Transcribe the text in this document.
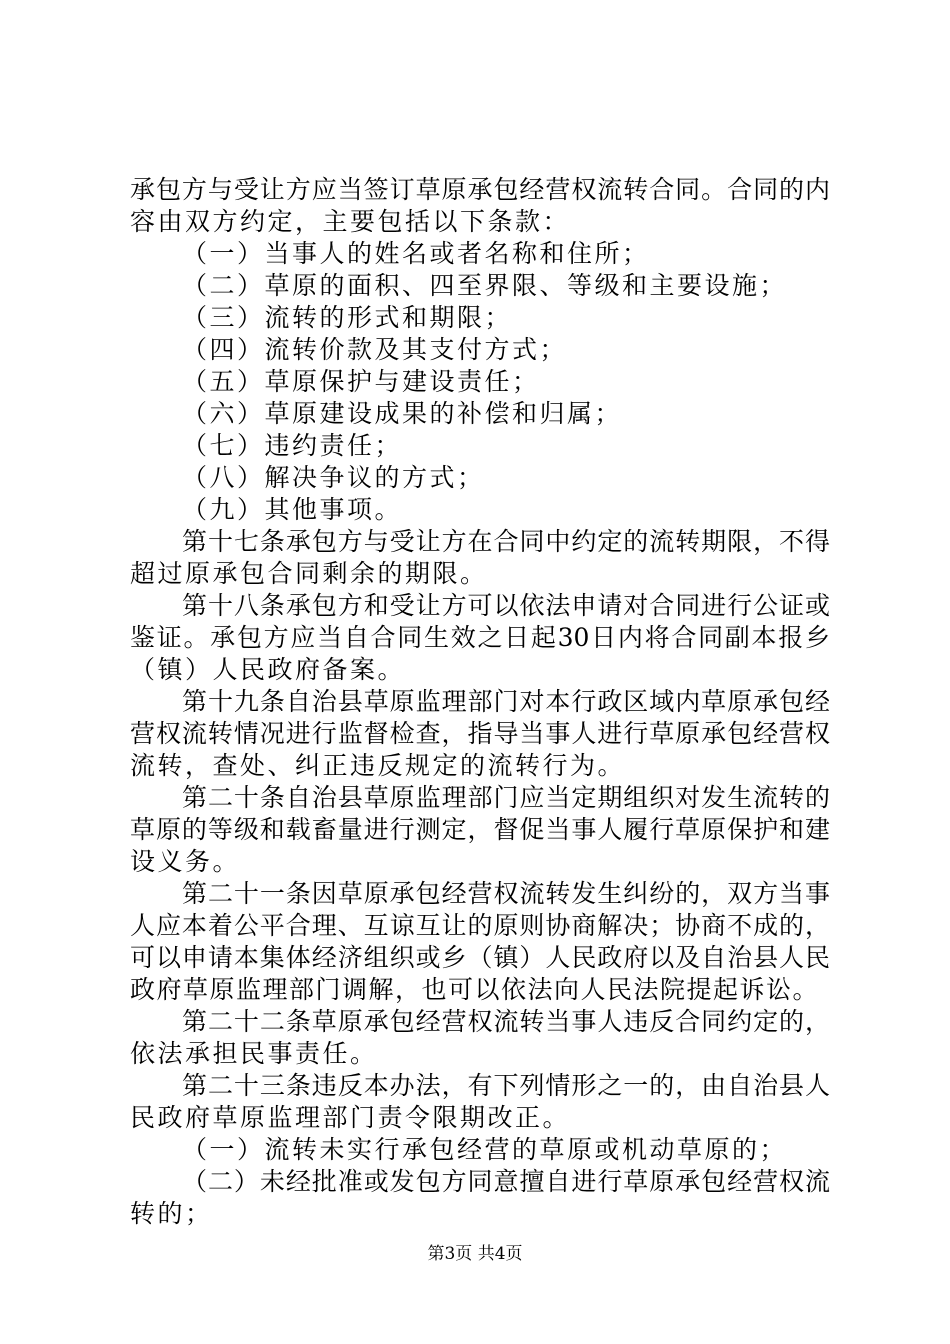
承包方与受让方应当签订草原承包经营权流转合同。合同的内
容由双方约定，主要包括以下条款：
（一）当事人的姓名或者名称和住所；
（二）草原的面积、四至界限、等级和主要设施；
（三）流转的形式和期限；
（四）流转价款及其支付方式；
（五）草原保护与建设责任；
（六）草原建设成果的补偿和归属；
（七）违约责任；
（八）解决争议的方式；
（九）其他事项。
第十七条承包方与受让方在合同中约定的流转期限，不得
超过原承包合同剩余的期限。
第十八条承包方和受让方可以依法申请对合同进行公证或
鉴证。承包方应当自合同生效之日起30日内将合同副本报乡
（镇）人民政府备案。
第十九条自治县草原监理部门对本行政区域内草原承包经
营权流转情况进行监督检查，指导当事人进行草原承包经营权
流转，查处、纠正违反规定的流转行为。
第二十条自治县草原监理部门应当定期组织对发生流转的
草原的等级和载畜量进行测定，督促当事人履行草原保护和建
设义务。
第二十一条因草原承包经营权流转发生纠纷的，双方当事
人应本着公平合理、互谅互让的原则协商解决；协商不成的，
可以申请本集体经济组织或乡（镇）人民政府以及自治县人民
政府草原监理部门调解，也可以依法向人民法院提起诉讼。
第二十二条草原承包经营权流转当事人违反合同约定的，
依法承担民事责任。
第二十三条违反本办法，有下列情形之一的，由自治县人
民政府草原监理部门责令限期改正。
（一）流转未实行承包经营的草原或机动草原的；
（二）未经批准或发包方同意擅自进行草原承包经营权流
转的；
第3页 共4页
